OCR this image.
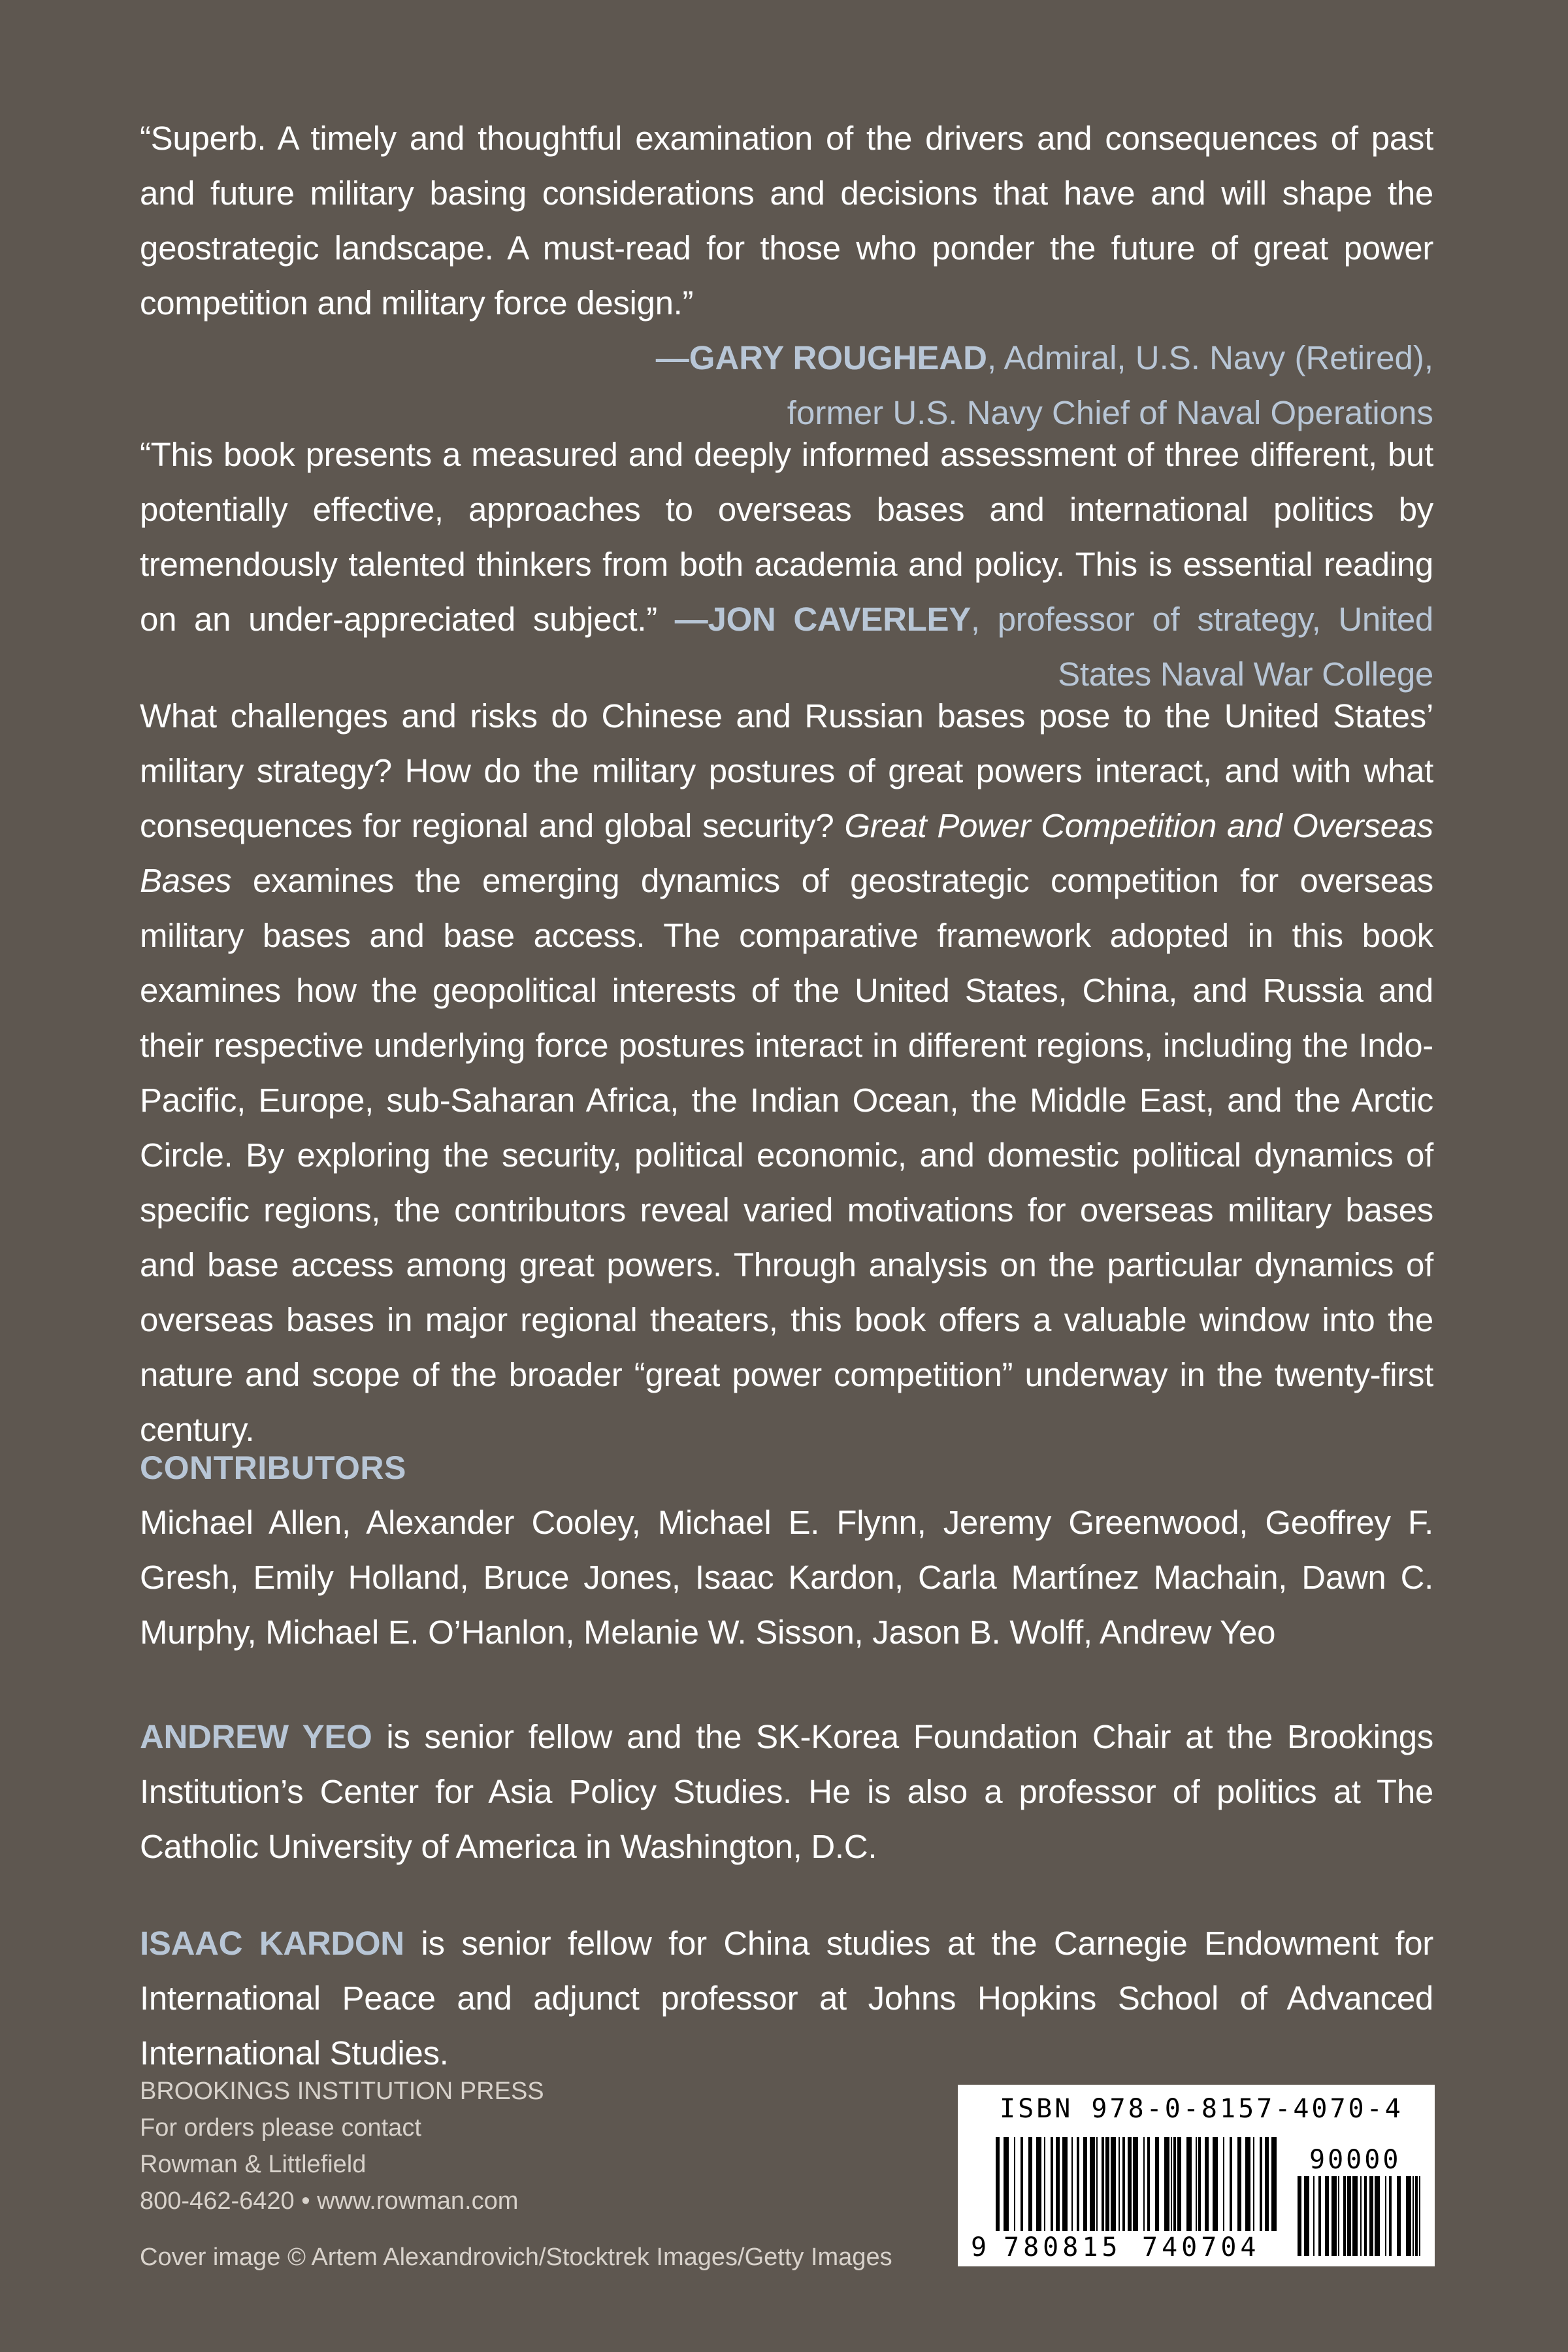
“Superb. A timely and thoughtful examination of the drivers and consequences of past and future military basing considerations and decisions that have and will shape the geostrategic landscape. A must-read for those who ponder the future of great power competition and military force design.”

—GARY ROUGHEAD, Admiral, U.S. Navy (Retired),
former U.S. Navy Chief of Naval Operations

“This book presents a measured and deeply informed assessment of three different, but potentially effective, approaches to overseas bases and international politics by tremendously talented thinkers from both academia and policy. This is essential reading on an under-appreciated subject.” —JON CAVERLEY, professor of strategy, United States Naval War College

What challenges and risks do Chinese and Russian bases pose to the United States’ military strategy? How do the military postures of great powers interact, and with what consequences for regional and global security? Great Power Competition and Overseas Bases examines the emerging dynamics of geostrategic competition for overseas military bases and base access. The comparative framework adopted in this book examines how the geopolitical interests of the United States, China, and Russia and their respective underlying force postures interact in different regions, including the Indo-Pacific, Europe, sub-Saharan Africa, the Indian Ocean, the Middle East, and the Arctic Circle. By exploring the security, political economic, and domestic political dynamics of specific regions, the contributors reveal varied motivations for overseas military bases and base access among great powers. Through analysis on the particular dynamics of overseas bases in major regional theaters, this book offers a valuable window into the nature and scope of the broader “great power competition” underway in the twenty-first century.

CONTRIBUTORS

Michael Allen, Alexander Cooley, Michael E. Flynn, Jeremy Greenwood, Geoffrey F. Gresh, Emily Holland, Bruce Jones, Isaac Kardon, Carla Martínez Machain, Dawn C. Murphy, Michael E. O’Hanlon, Melanie W. Sisson, Jason B. Wolff, Andrew Yeo

ANDREW YEO is senior fellow and the SK-Korea Foundation Chair at the Brookings Institution’s Center for Asia Policy Studies. He is also a professor of politics at The Catholic University of America in Washington, D.C.

ISAAC KARDON is senior fellow for China studies at the Carnegie Endowment for International Peace and adjunct professor at Johns Hopkins School of Advanced International Studies.

BROOKINGS INSTITUTION PRESS

For orders please contact

Rowman & Littlefield

800-462-6420 • www.rowman.com

Cover image © Artem Alexandrovich/Stocktrek Images/Getty Images

ISBN 978-0-8157-4070-4
90000
9 780815 740704
